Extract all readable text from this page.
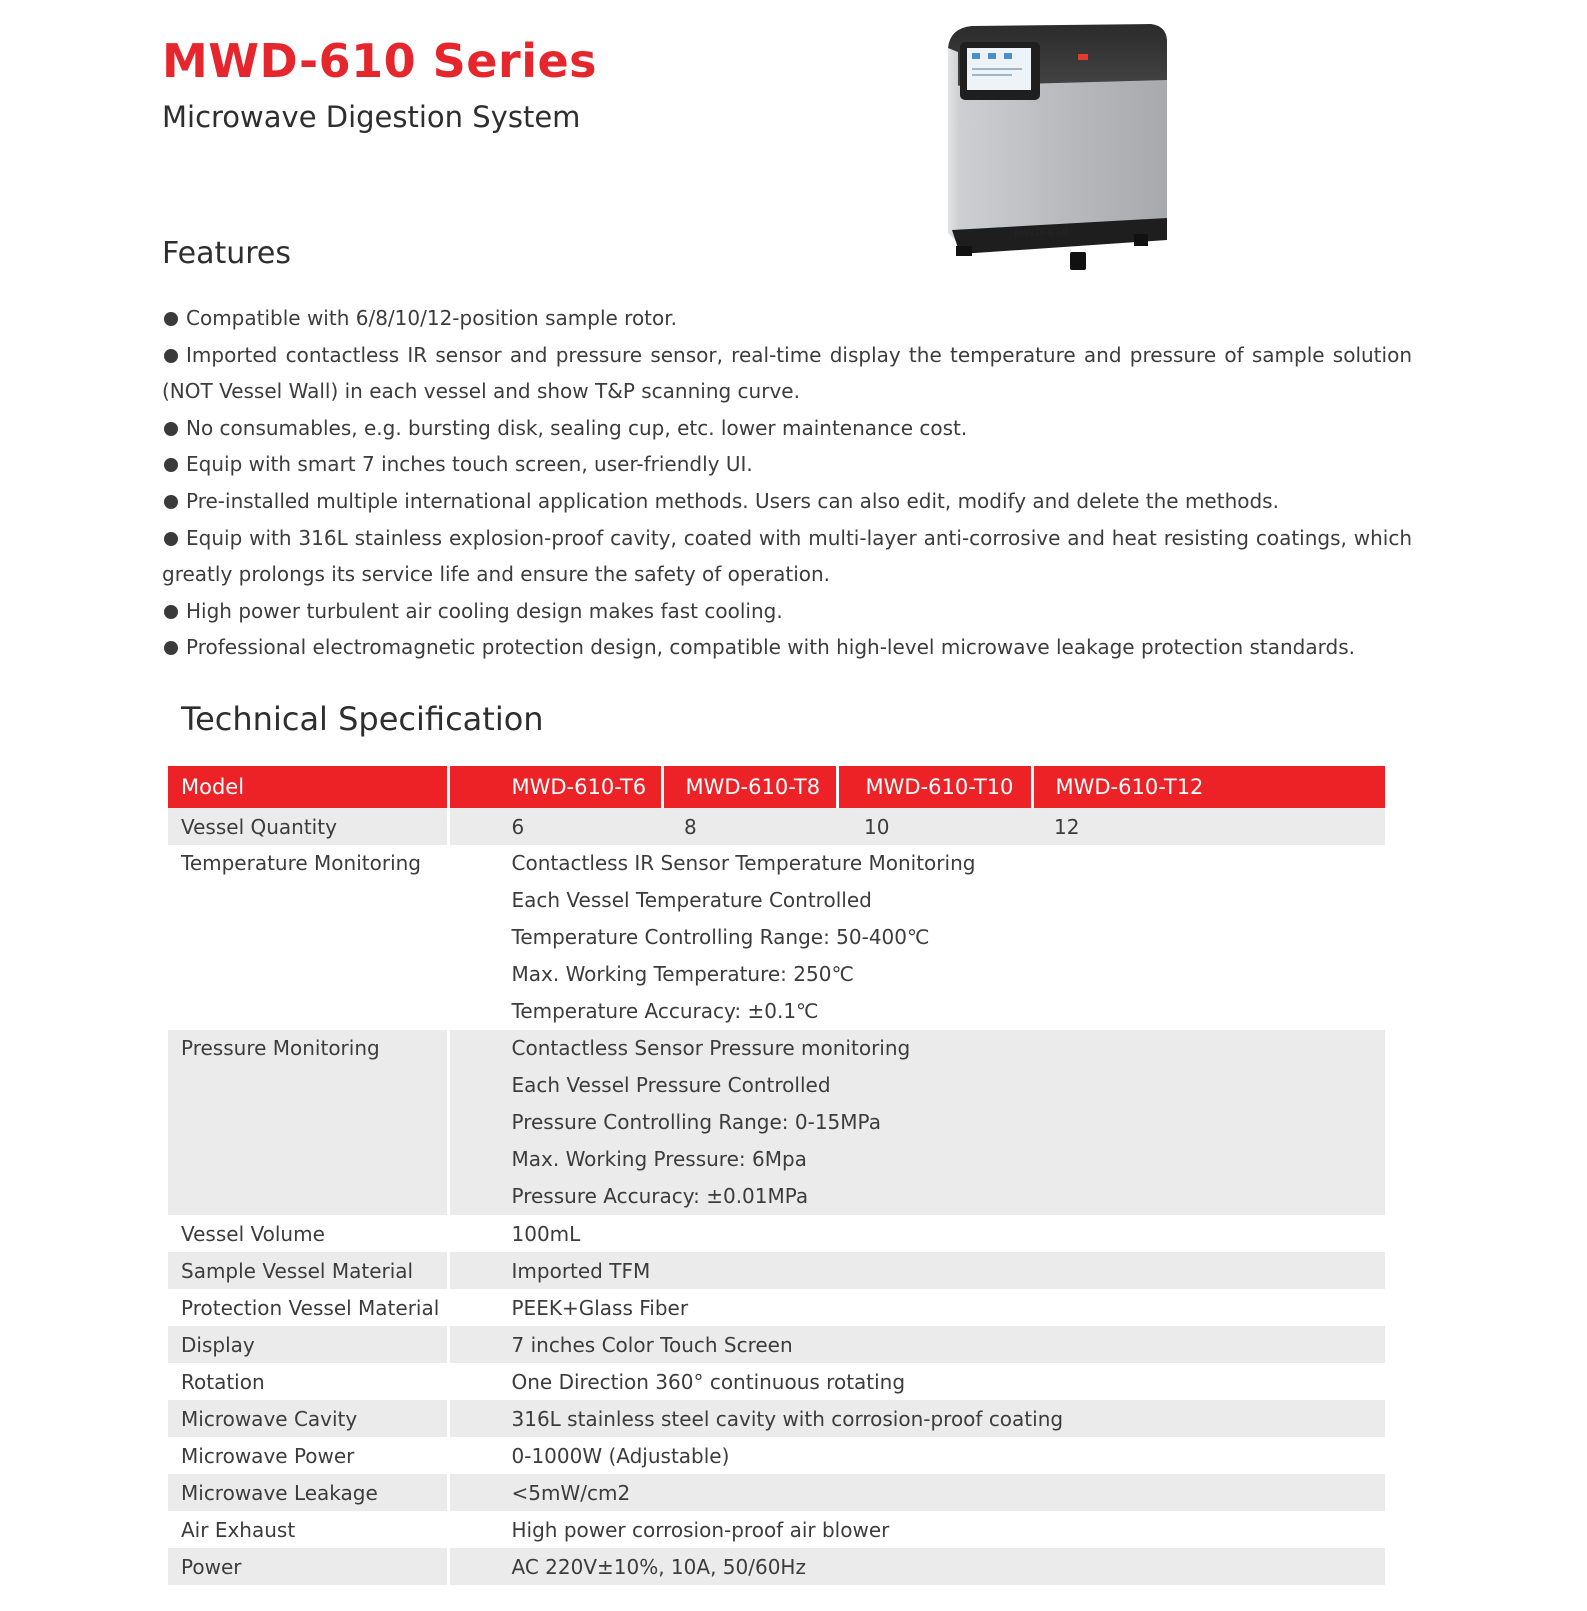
MWD-610 Series
Microwave Digestion System
MWD-610
Features
Compatible with 6/8/10/12-position sample rotor.
Imported contactless IR sensor and pressure sensor, real-time display the temperature and pressure of sample solution (NOT Vessel Wall) in each vessel and show T&P scanning curve.
No consumables, e.g. bursting disk, sealing cup, etc. lower maintenance cost.
Equip with smart 7 inches touch screen, user-friendly UI.
Pre-installed multiple international application methods. Users can also edit, modify and delete the methods.
Equip with 316L stainless explosion-proof cavity, coated with multi-layer anti-corrosive and heat resisting coatings, which greatly prolongs its service life and ensure the safety of operation.
High power turbulent air cooling design makes fast cooling.
Professional electromagnetic protection design, compatible with high-level microwave leakage protection standards.
Technical Specification
Model	MWD-610-T6	MWD-610-T8	MWD-610-T10	MWD-610-T12
Vessel Quantity	6	8	10	12

Temperature Monitoring	Contactless IR Sensor Temperature Monitoring
Each Vessel Temperature Controlled
Temperature Controlling Range: 50-400℃
Max. Working Temperature: 250℃
Temperature Accuracy: ±0.1℃			

Pressure Monitoring	Contactless Sensor Pressure monitoring
Each Vessel Pressure Controlled
Pressure Controlling Range: 0-15MPa
Max. Working Pressure: 6Mpa
Pressure Accuracy: ±0.01MPa			

Vessel Volume	100mL			
Sample Vessel Material	Imported TFM			
Protection Vessel Material	PEEK+Glass Fiber			
Display	7 inches Color Touch Screen			
Rotation	One Direction 360° continuous rotating			
Microwave Cavity	316L stainless steel cavity with corrosion-proof coating			
Microwave Power	0-1000W (Adjustable)			
Microwave Leakage	<5mW/cm2			
Air Exhaust	High power corrosion-proof air blower			
Power	AC 220V±10%, 10A, 50/60Hz			
